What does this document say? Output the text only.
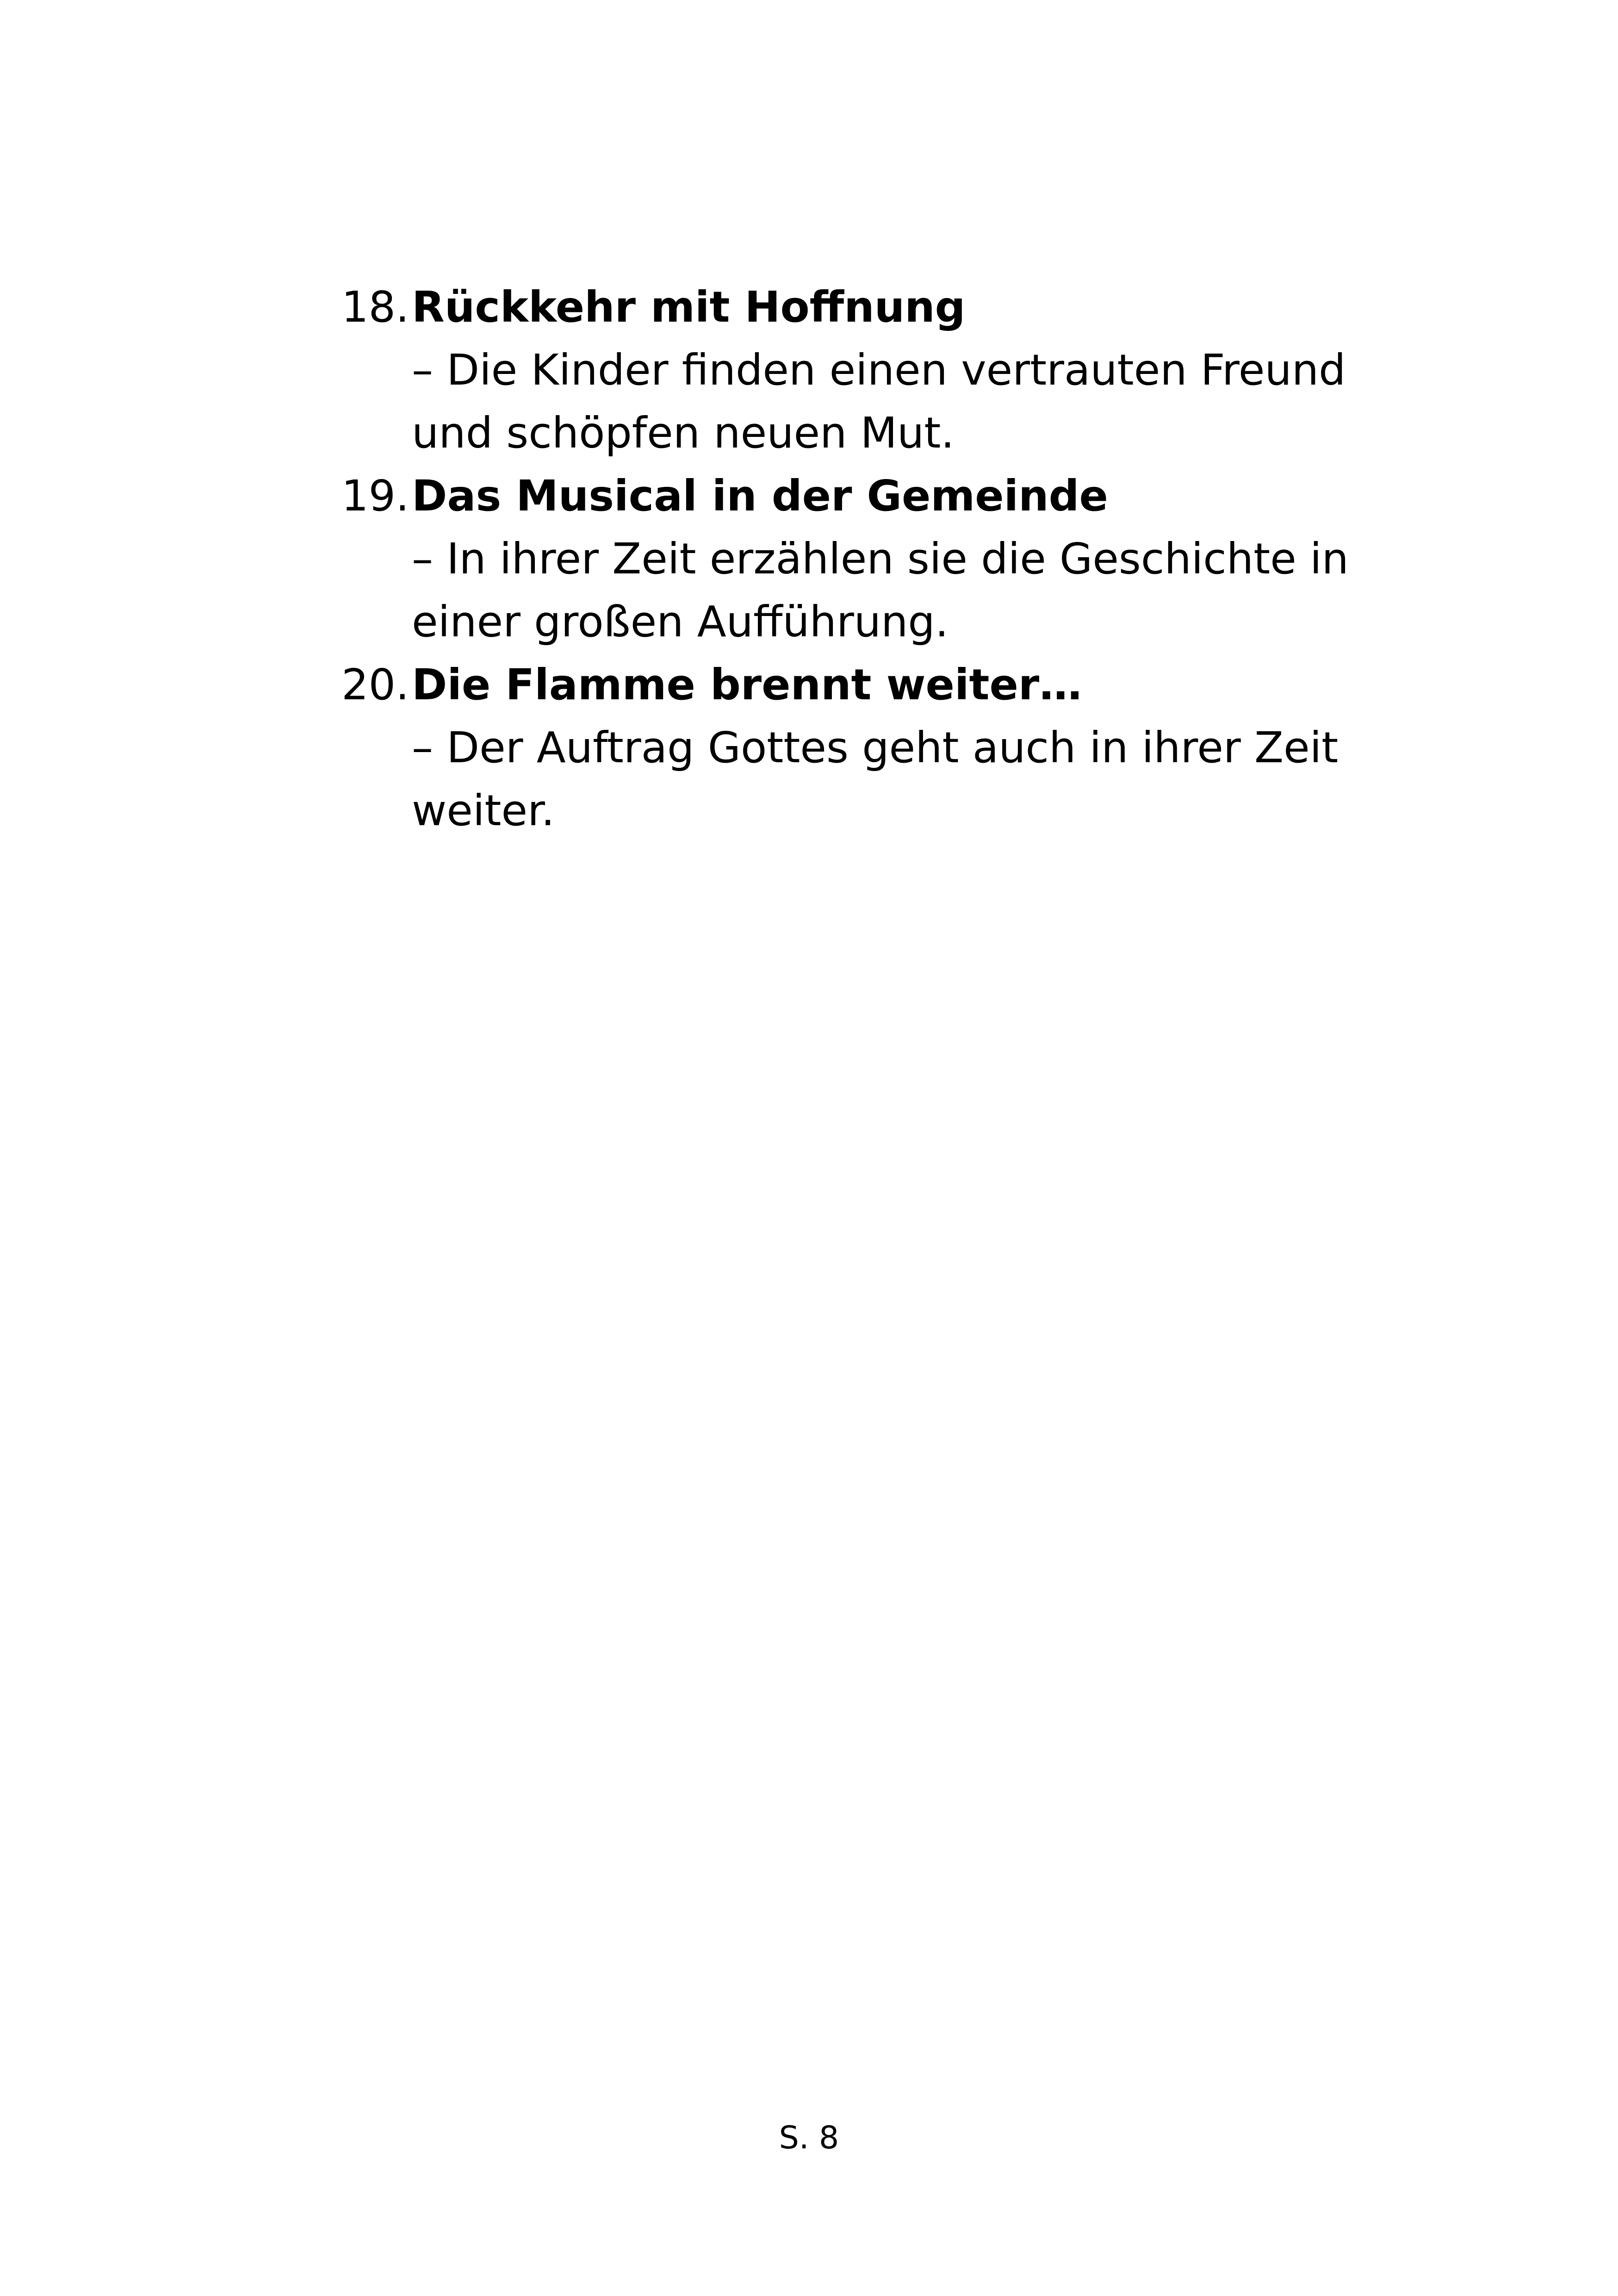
18. Rückkehr mit Hoffnung
– Die Kinder finden einen vertrauten Freund und schöpfen neuen Mut.
19. Das Musical in der Gemeinde
– In ihrer Zeit erzählen sie die Geschichte in einer großen Aufführung.
20. Die Flamme brennt weiter…
– Der Auftrag Gottes geht auch in ihrer Zeit weiter.
S. 8
